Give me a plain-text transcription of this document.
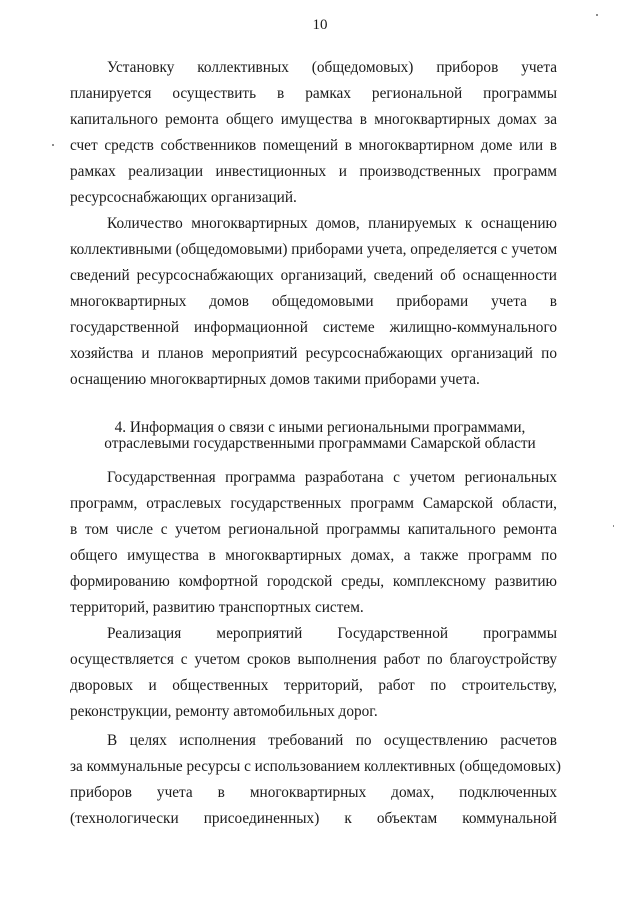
10
Установку коллективных (общедомовых) приборов учета
планируется осуществить в рамках региональной программы
капитального ремонта общего имущества в многоквартирных домах за
счет средств собственников помещений в многоквартирном доме или в
рамках реализации инвестиционных и производственных программ
ресурсоснабжающих организаций.
Количество многоквартирных домов, планируемых к оснащению
коллективными (общедомовыми) приборами учета, определяется с учетом
сведений ресурсоснабжающих организаций, сведений об оснащенности
многоквартирных домов общедомовыми приборами учета в
государственной информационной системе жилищно-коммунального
хозяйства и планов мероприятий ресурсоснабжающих организаций по
оснащению многоквартирных домов такими приборами учета.
4. Информация о связи с иными региональными программами,
отраслевыми государственными программами Самарской области
Государственная программа разработана с учетом региональных
программ, отраслевых государственных программ Самарской области,
в том числе с учетом региональной программы капитального ремонта
общего имущества в многоквартирных домах, а также программ по
формированию комфортной городской среды, комплексному развитию
территорий, развитию транспортных систем.
Реализация мероприятий Государственной программы
осуществляется с учетом сроков выполнения работ по благоустройству
дворовых и общественных территорий, работ по строительству,
реконструкции, ремонту автомобильных дорог.
В целях исполнения требований по осуществлению расчетов
за коммунальные ресурсы с использованием коллективных (общедомовых)
приборов учета в многоквартирных домах, подключенных
(технологически присоединенных) к объектам коммунальной
